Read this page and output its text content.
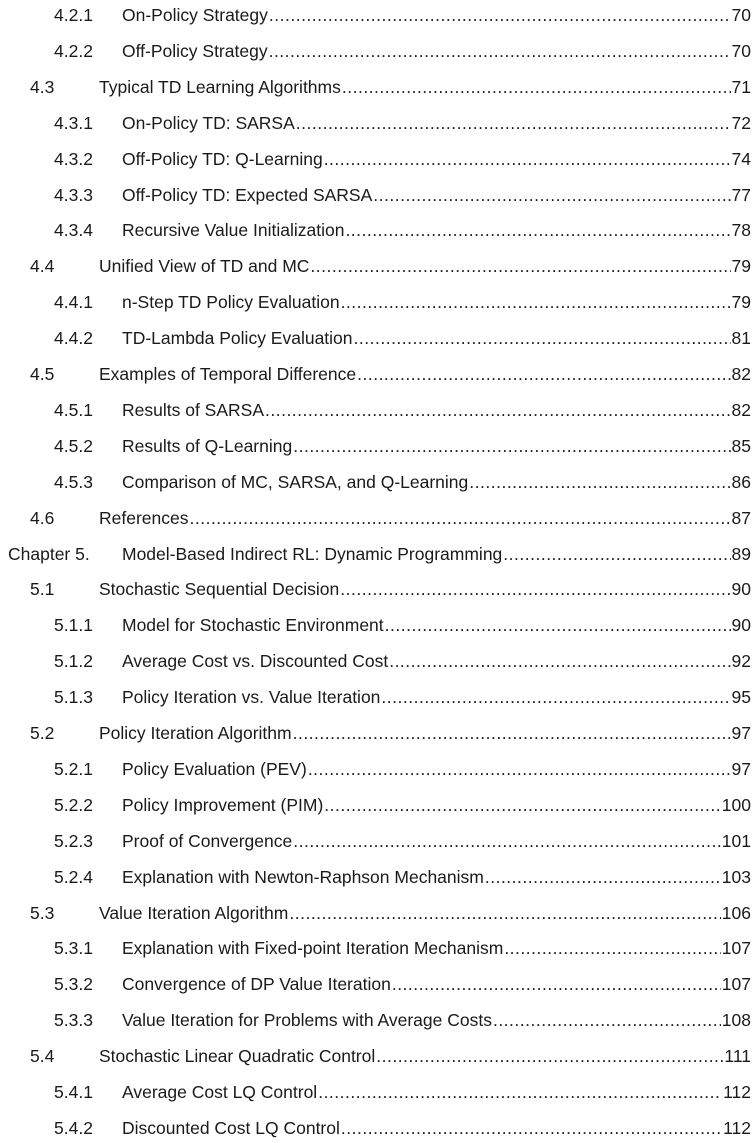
4.2.1 On-Policy Strategy .....	70
4.2.2 Off-Policy Strategy .....	70
4.3	Typical TD Learning Algorithms .....	71
4.3.1 On-Policy TD: SARSA .....	72
4.3.2 Off-Policy TD: Q-Learning .....	74
4.3.3 Off-Policy TD: Expected SARSA .....	77
4.3.4 Recursive Value Initialization .....	78
4.4	Unified View of TD and MC .....	79
4.4.1 n-Step TD Policy Evaluation .....	79
4.4.2 TD-Lambda Policy Evaluation .....	81
4.5	Examples of Temporal Difference .....	82
4.5.1 Results of SARSA .....	82
4.5.2 Results of Q-Learning .....	85
4.5.3 Comparison of MC, SARSA, and Q-Learning .....	86
4.6	References .....	87
Chapter 5. Model-Based Indirect RL: Dynamic Programming .....	89
5.1	Stochastic Sequential Decision .....	90
5.1.1 Model for Stochastic Environment .....	90
5.1.2 Average Cost vs. Discounted Cost .....	92
5.1.3 Policy Iteration vs. Value Iteration .....	95
5.2	Policy Iteration Algorithm .....	97
5.2.1 Policy Evaluation (PEV) .....	97
5.2.2 Policy Improvement (PIM) .....	100
5.2.3 Proof of Convergence .....	101
5.2.4 Explanation with Newton-Raphson Mechanism .....	103
5.3	Value Iteration Algorithm .....	106
5.3.1 Explanation with Fixed-point Iteration Mechanism .....	107
5.3.2 Convergence of DP Value Iteration .....	107
5.3.3 Value Iteration for Problems with Average Costs .....	108
5.4	Stochastic Linear Quadratic Control .....	111
5.4.1 Average Cost LQ Control .....	112
5.4.2 Discounted Cost LQ Control .....	112
